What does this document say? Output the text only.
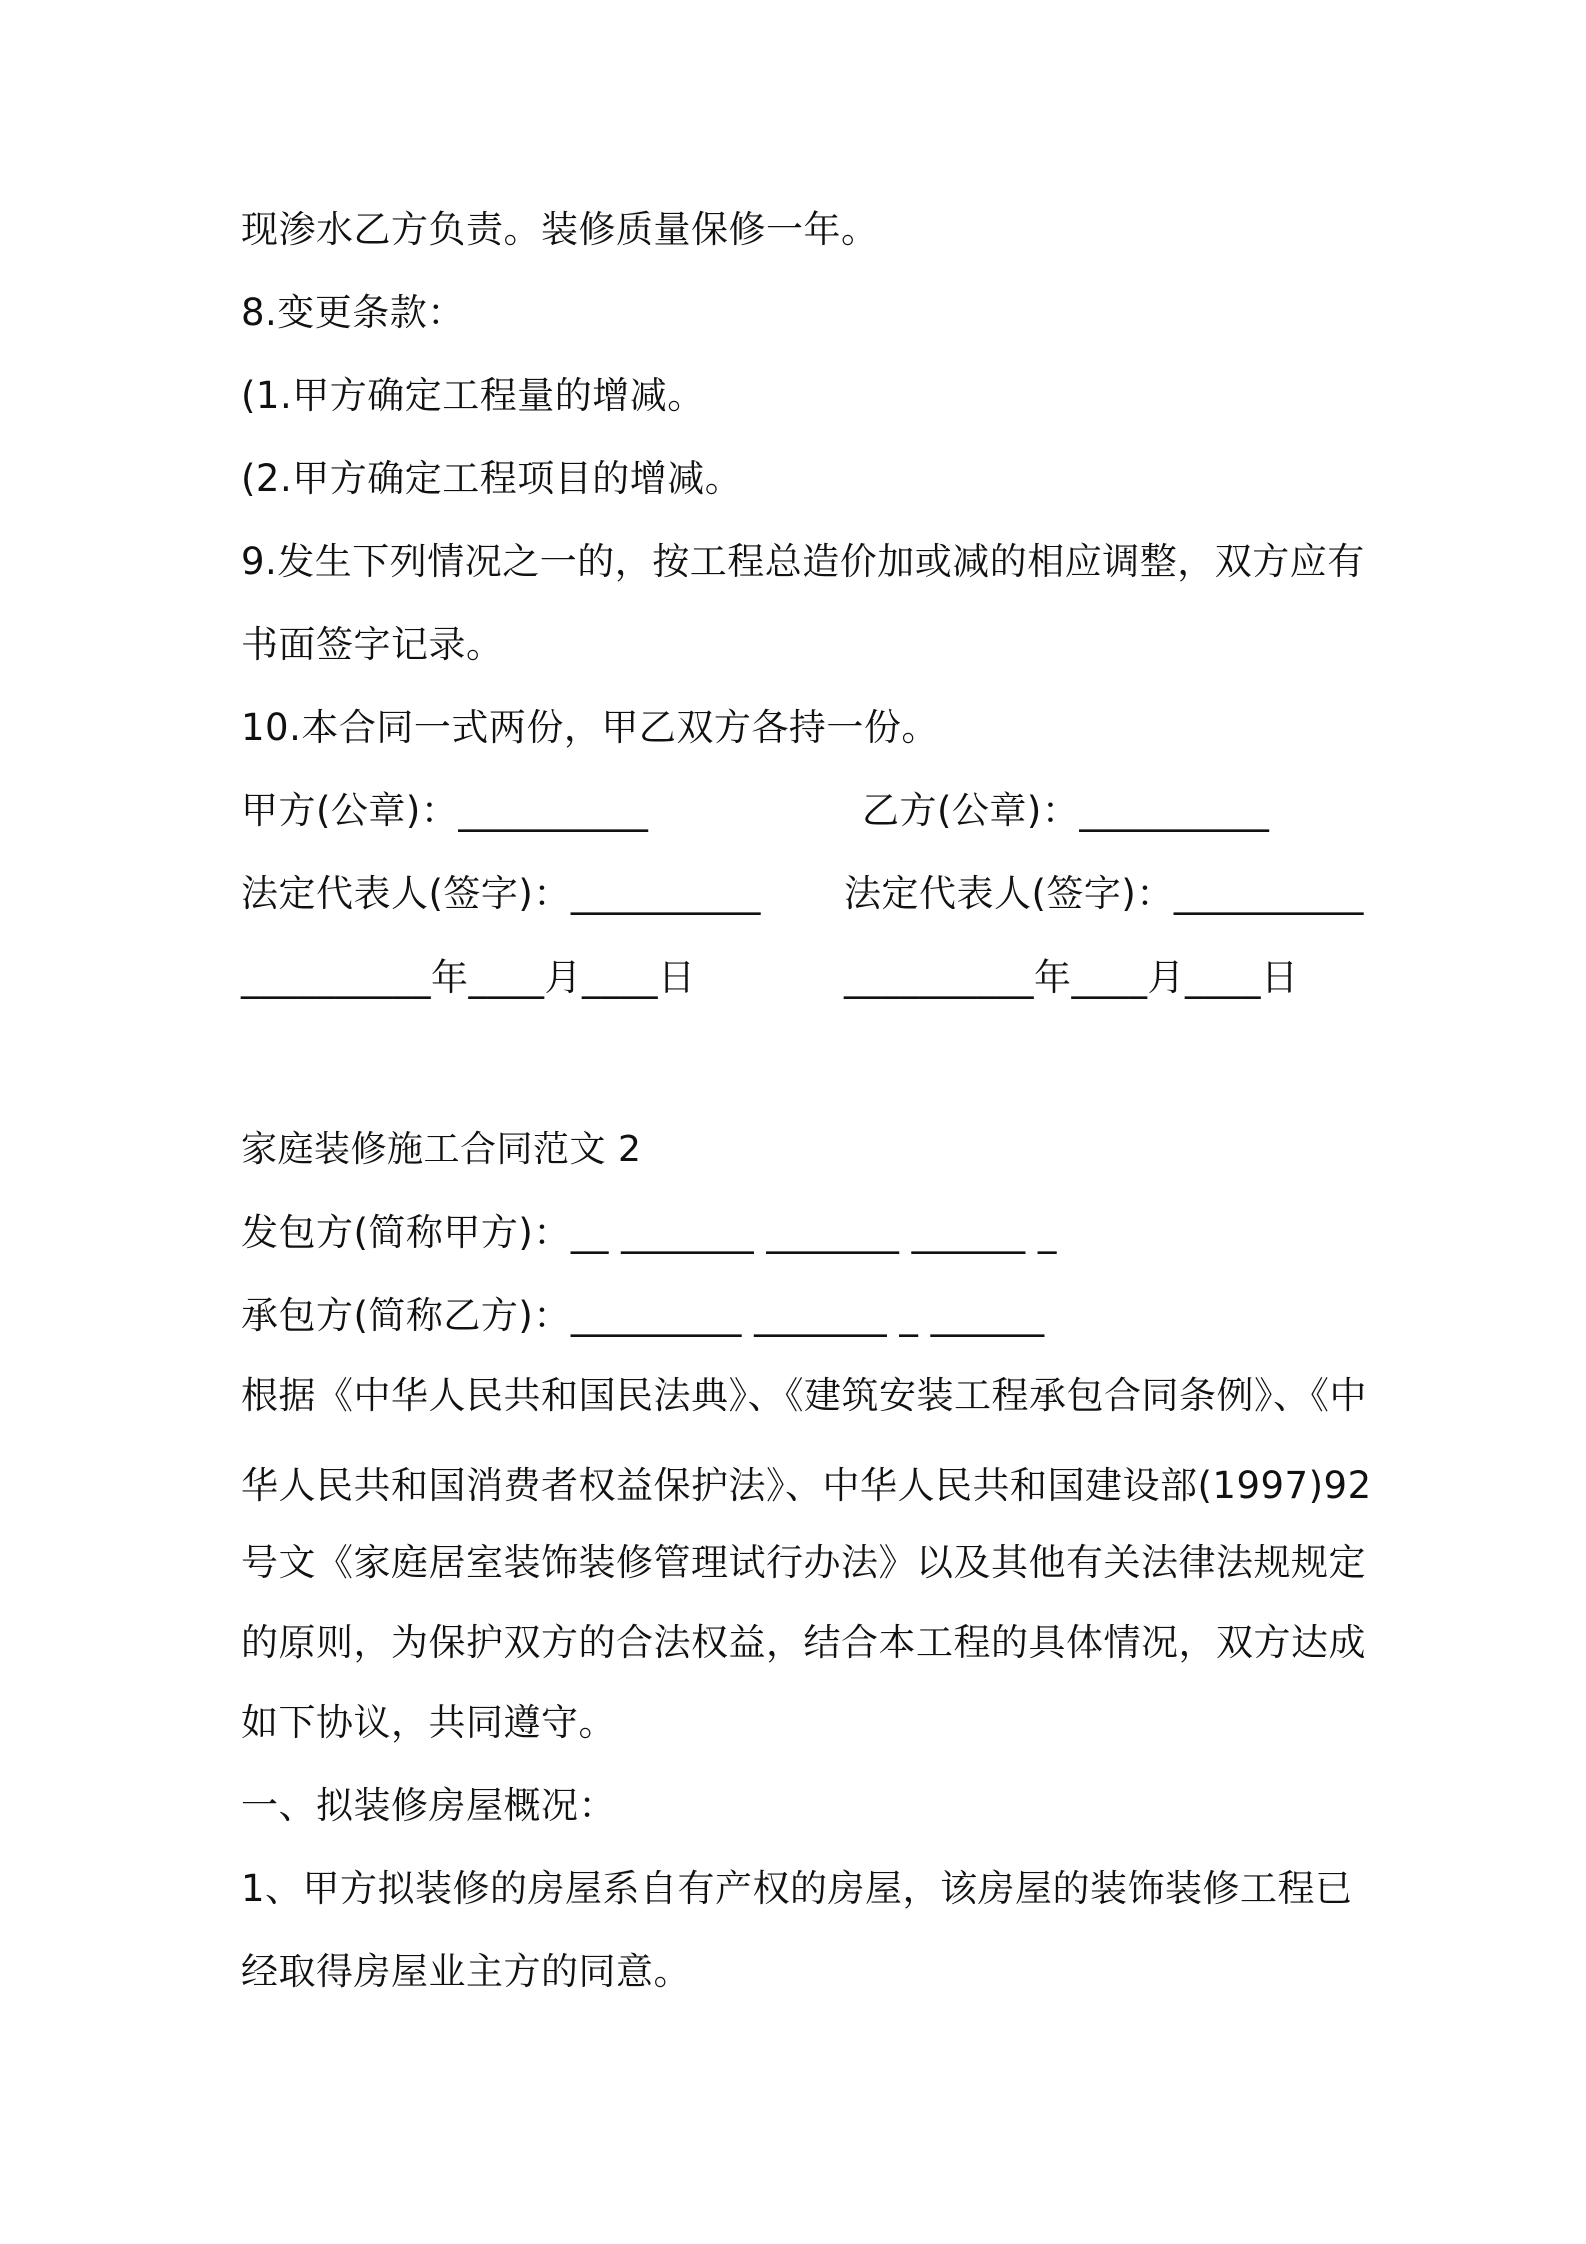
现渗水乙方负责。装修质量保修一年。
8.变更条款：
(1.甲方确定工程量的增减。
(2.甲方确定工程项目的增减。
9.发生下列情况之一的，按工程总造价加或减的相应调整，双方应有
书面签字记录。
10.本合同一式两份，甲乙双方各持一份。
甲方(公章)：__________	乙方(公章)：__________
法定代表人(签字)：__________ 法定代表人(签字)：__________
__________年____月____日	__________年____月____日
家庭装修施工合同范文 2
发包方(简称甲方)：__ _______ _______ ______ _
承包方(简称乙方)：_________ _______ _ ______
根据《中华人民共和国民法典》、《建筑安装工程承包合同条例》、《中
华人民共和国消费者权益保护法》、中华人民共和国建设部(1997)92
号文《家庭居室装饰装修管理试行办法》以及其他有关法律法规规定
的原则，为保护双方的合法权益，结合本工程的具体情况，双方达成
如下协议，共同遵守。
一、拟装修房屋概况：
1、甲方拟装修的房屋系自有产权的房屋，该房屋的装饰装修工程已
经取得房屋业主方的同意。
